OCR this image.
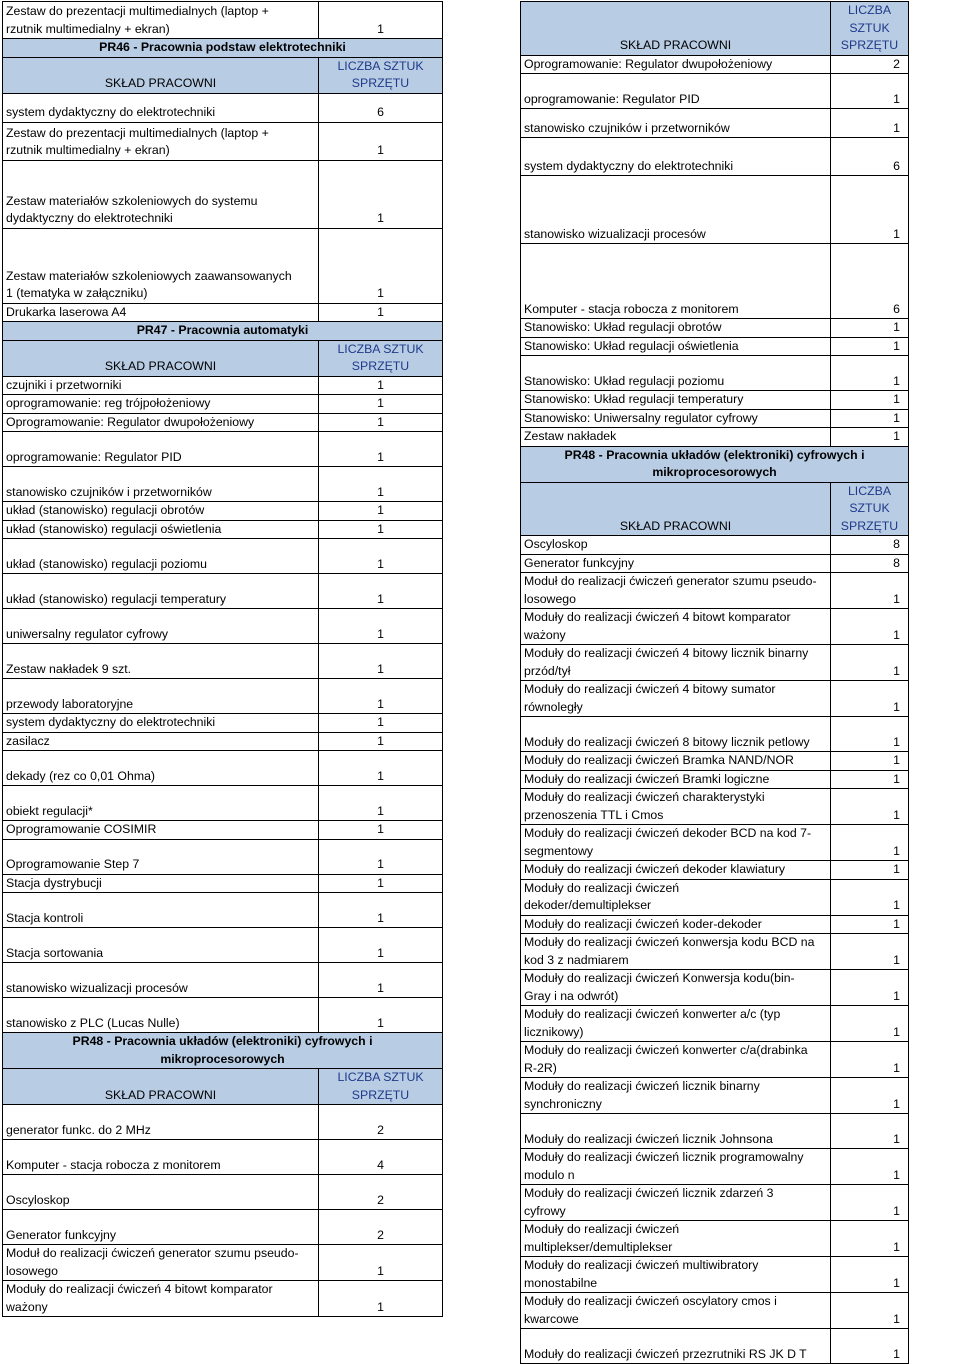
Zestaw do prezentacji multimedialnych (laptop +
rzutnik multimedialny + ekran)	1
PR46 - Pracownia podstaw elektrotechniki	
SKŁAD PRACOWNI	LICZBA SZTUK
SPRZĘTU
system dydaktyczny do elektrotechniki	6
Zestaw do prezentacji multimedialnych (laptop +
rzutnik multimedialny + ekran)	1
Zestaw materiałów szkoleniowych do systemu
dydaktyczny do elektrotechniki	1
Zestaw materiałów szkoleniowych zaawansowanych
1 (tematyka w załączniku)	1
Drukarka laserowa A4	1
PR47 - Pracownia automatyki	
SKŁAD PRACOWNI	LICZBA SZTUK
SPRZĘTU
czujniki i przetworniki	1
oprogramowanie: reg trójpołożeniowy	1
Oprogramowanie: Regulator dwupołożeniowy	1
oprogramowanie: Regulator PID	1
stanowisko czujników i przetworników	1
układ (stanowisko) regulacji obrotów	1
układ (stanowisko) regulacji oświetlenia	1
układ (stanowisko) regulacji poziomu	1
układ (stanowisko) regulacji temperatury	1
uniwersalny regulator cyfrowy	1
Zestaw nakładek 9 szt.	1
przewody laboratoryjne	1
system dydaktyczny do elektrotechniki	1
zasilacz	1
dekady (rez co 0,01 Ohma)	1
obiekt regulacji*	1
Oprogramowanie COSIMIR	1
Oprogramowanie Step 7	1
Stacja dystrybucji	1
Stacja kontroli	1
Stacja sortowania	1
stanowisko wizualizacji procesów	1
stanowisko z PLC (Lucas Nulle)	1
PR48 - Pracownia układów (elektroniki) cyfrowych i
mikroprocesorowych	
SKŁAD PRACOWNI	LICZBA SZTUK
SPRZĘTU
generator funkc. do 2 MHz	2
Komputer - stacja robocza z monitorem	4
Oscyloskop	2
Generator funkcyjny	2
Moduł do realizacji ćwiczeń generator szumu pseudo-
losowego	1
Moduły do realizacji ćwiczeń 4 bitowt komparator
ważony	1
SKŁAD PRACOWNI	LICZBA SZTUK
SPRZĘTU
Oprogramowanie: Regulator dwupołożeniowy	2
oprogramowanie: Regulator PID	1
stanowisko czujników i przetworników	1
system dydaktyczny do elektrotechniki	6
stanowisko wizualizacji procesów	1
Komputer - stacja robocza z monitorem	6
Stanowisko: Układ regulacji obrotów	1
Stanowisko: Układ regulacji oświetlenia	1
Stanowisko: Układ regulacji poziomu	1
Stanowisko: Układ regulacji temperatury	1
Stanowisko: Uniwersalny regulator cyfrowy	1
Zestaw nakładek	1
PR48 - Pracownia układów (elektroniki) cyfrowych i
mikroprocesorowych	
SKŁAD PRACOWNI	LICZBA SZTUK
SPRZĘTU
Oscyloskop	8
Generator funkcyjny	8
Moduł do realizacji ćwiczeń generator szumu pseudo-
losowego	1
Moduły do realizacji ćwiczeń 4 bitowt komparator
ważony	1
Moduły do realizacji ćwiczeń 4 bitowy licznik binarny
przód/tył	1
Moduły do realizacji ćwiczeń 4 bitowy sumator
równoległy	1
Moduły do realizacji ćwiczeń 8 bitowy licznik petlowy	1
Moduły do realizacji ćwiczeń Bramka NAND/NOR	1
Moduły do realizacji ćwiczeń Bramki logiczne	1
Moduły do realizacji ćwiczeń charakterystyki
przenoszenia TTL i Cmos	1
Moduły do realizacji ćwiczeń dekoder BCD na kod 7-
segmentowy	1
Moduły do realizacji ćwiczeń dekoder klawiatury	1
Moduły do realizacji ćwiczeń
dekoder/demultiplekser	1
Moduły do realizacji ćwiczeń koder-dekoder	1
Moduły do realizacji ćwiczeń konwersja kodu BCD na
kod 3 z nadmiarem	1
Moduły do realizacji ćwiczeń Konwersja kodu(bin-
Gray i na odwrót)	1
Moduły do realizacji ćwiczeń konwerter a/c (typ
licznikowy)	1
Moduły do realizacji ćwiczeń konwerter c/a(drabinka
R-2R)	1
Moduły do realizacji ćwiczeń licznik binarny
synchroniczny	1
Moduły do realizacji ćwiczeń licznik Johnsona	1
Moduły do realizacji ćwiczeń licznik programowalny
modulo n	1
Moduły do realizacji ćwiczeń licznik zdarzeń 3
cyfrowy	1
Moduły do realizacji ćwiczeń
multiplekser/demultiplekser	1
Moduły do realizacji ćwiczeń multiwibratory
monostabilne	1
Moduły do realizacji ćwiczeń oscylatory cmos i
kwarcowe	1
Moduły do realizacji ćwiczeń przezrutniki RS JK D T	1
